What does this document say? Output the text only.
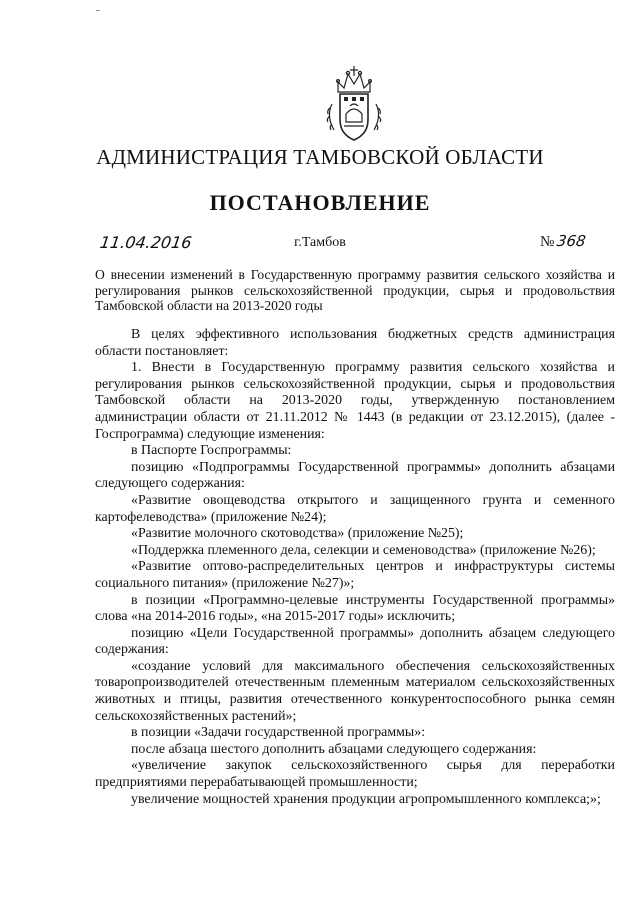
АДМИНИСТРАЦИЯ ТАМБОВСКОЙ ОБЛАСТИ
ПОСТАНОВЛЕНИЕ
11.04.2016	г.Тамбов	№ 368
О внесении изменений в Государственную программу развития сельского хозяйства и регулирования рынков сельскохозяйственной продукции, сырья и продовольствия Тамбовской области на 2013-2020 годы

В целях эффективного использования бюджетных средств администрация области постановляет:

1. Внести в Государственную программу развития сельского хозяйства и регулирования рынков сельскохозяйственной продукции, сырья и продовольствия Тамбовской области на 2013-2020 годы, утвержденную постановлением администрации области от 21.11.2012 № 1443 (в редакции от 23.12.2015), (далее - Госпрограмма) следующие изменения:

в Паспорте Госпрограммы:

позицию «Подпрограммы Государственной программы» дополнить абзацами следующего содержания:

«Развитие овощеводства открытого и защищенного грунта и семенного картофелеводства» (приложение №24);

«Развитие молочного скотоводства» (приложение №25);

«Поддержка племенного дела, селекции и семеноводства» (приложение №26);

«Развитие оптово-распределительных центров и инфраструктуры системы социального питания» (приложение №27)»;

в позиции «Программно-целевые инструменты Государственной программы» слова «на 2014-2016 годы», «на 2015-2017 годы» исключить;

позицию «Цели Государственной программы» дополнить абзацем следующего содержания:

«создание условий для максимального обеспечения сельскохозяйственных товаропроизводителей отечественным племенным материалом сельскохозяйственных животных и птицы, развития отечественного конкурентоспособного рынка семян сельскохозяйственных растений»;

в позиции «Задачи государственной программы»:

после абзаца шестого дополнить абзацами следующего содержания:

«увеличение закупок сельскохозяйственного сырья для переработки предприятиями перерабатывающей промышленности;

увеличение мощностей хранения продукции агропромышленного комплекса;»;
